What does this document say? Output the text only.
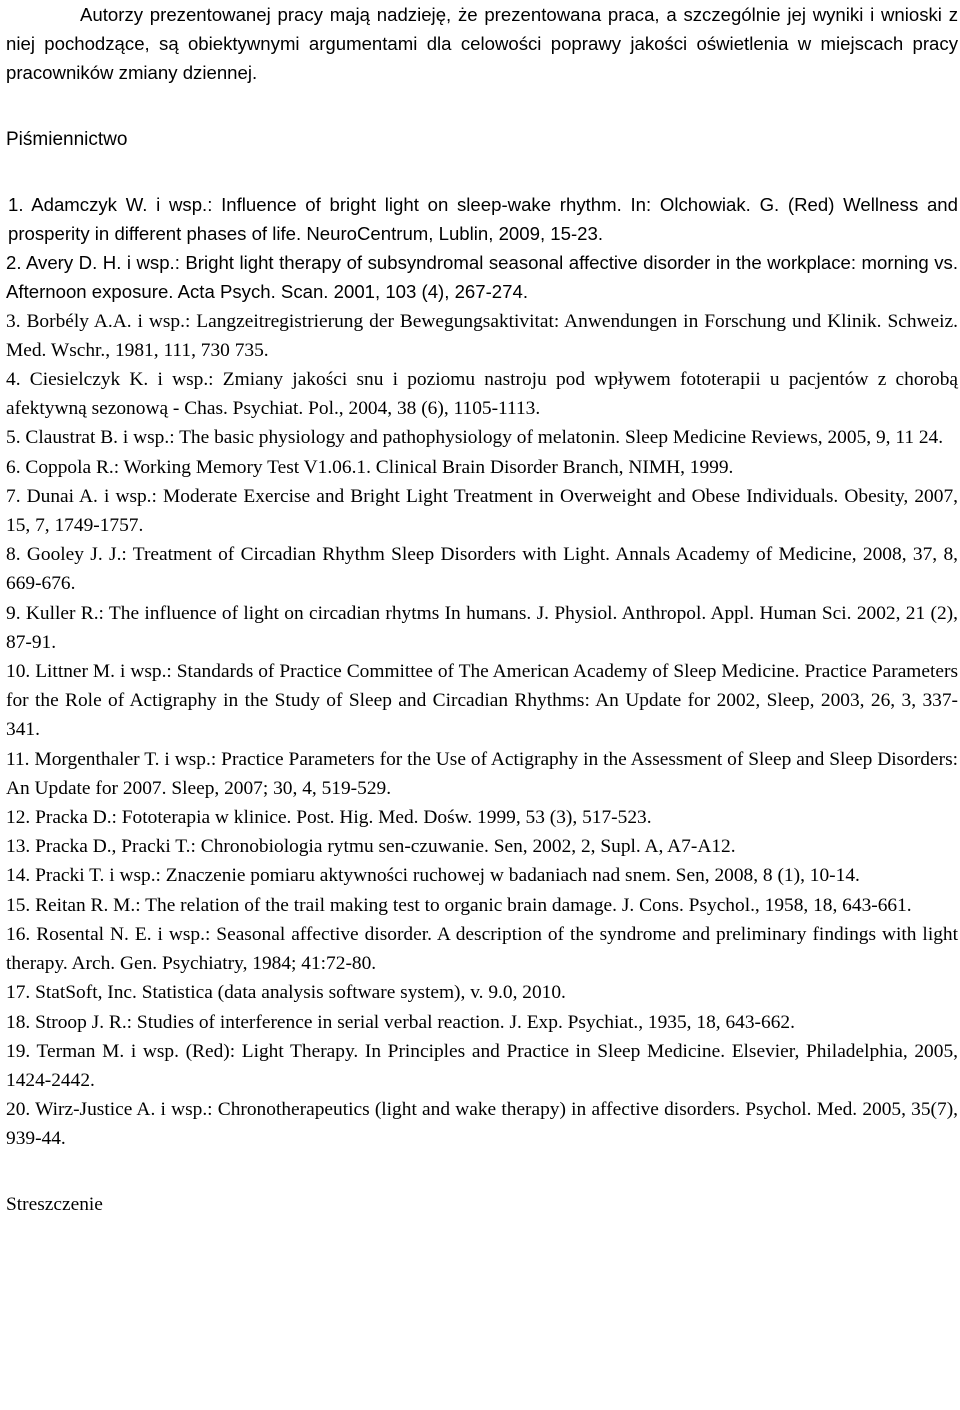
Autorzy prezentowanej pracy mają nadzieję, że prezentowana praca, a szczególnie jej wyniki i wnioski z niej pochodzące, są obiektywnymi argumentami dla celowości poprawy jakości oświetlenia w miejscach pracy pracowników zmiany dziennej.

Piśmiennictwo
1. Adamczyk W. i wsp.: Influence of bright light on sleep-wake rhythm. In: Olchowiak. G. (Red) Wellness and prosperity in different phases of life. NeuroCentrum, Lublin, 2009, 15-23.
2. Avery D. H. i wsp.: Bright light therapy of subsyndromal seasonal affective disorder in the workplace: morning vs. Afternoon exposure. Acta Psych. Scan. 2001, 103 (4), 267-274.
3. Borbély A.A. i wsp.: Langzeitregistrierung der Bewegungsaktivitat: Anwendungen in Forschung und Klinik. Schweiz. Med. Wschr., 1981, 111, 730 735.
4. Ciesielczyk K. i wsp.: Zmiany jakości snu i poziomu nastroju pod wpływem fototerapii u pacjentów z chorobą afektywną sezonową - Chas. Psychiat. Pol., 2004, 38 (6), 1105-1113.
5. Claustrat B. i wsp.: The basic physiology and pathophysiology of melatonin. Sleep Medicine Reviews, 2005, 9, 11 24.
6. Coppola R.: Working Memory Test V1.06.1. Clinical Brain Disorder Branch, NIMH, 1999.
7. Dunai A. i wsp.: Moderate Exercise and Bright Light Treatment in Overweight and Obese Individuals. Obesity, 2007, 15, 7, 1749-1757.
8. Gooley J. J.: Treatment of Circadian Rhythm Sleep Disorders with Light. Annals Academy of Medicine, 2008, 37, 8, 669-676.
9. Kuller R.: The influence of light on circadian rhytms In humans. J. Physiol. Anthropol. Appl. Human Sci. 2002, 21 (2), 87-91.
10. Littner M. i wsp.: Standards of Practice Committee of The American Academy of Sleep Medicine. Practice Parameters for the Role of Actigraphy in the Study of Sleep and Circadian Rhythms: An Update for 2002, Sleep, 2003, 26, 3, 337-341.
11. Morgenthaler T. i wsp.: Practice Parameters for the Use of Actigraphy in the Assessment of Sleep and Sleep Disorders: An Update for 2007. Sleep, 2007; 30, 4, 519-529.
12. Pracka D.: Fototerapia w klinice. Post. Hig. Med. Dośw. 1999, 53 (3), 517-523.
13. Pracka D., Pracki T.: Chronobiologia rytmu sen-czuwanie. Sen, 2002, 2, Supl. A, A7-A12.
14. Pracki T. i wsp.: Znaczenie pomiaru aktywności ruchowej w badaniach nad snem. Sen, 2008, 8 (1), 10-14.
15. Reitan R. M.: The relation of the trail making test to organic brain damage. J. Cons. Psychol., 1958, 18, 643-661.
16. Rosental N. E. i wsp.: Seasonal affective disorder. A description of the syndrome and preliminary findings with light therapy. Arch. Gen. Psychiatry, 1984; 41:72-80.
17. StatSoft, Inc. Statistica (data analysis software system), v. 9.0, 2010.
18. Stroop J. R.: Studies of interference in serial verbal reaction. J. Exp. Psychiat., 1935, 18, 643-662.
19. Terman M. i wsp. (Red): Light Therapy. In Principles and Practice in Sleep Medicine. Elsevier, Philadelphia, 2005, 1424-2442.
20. Wirz-Justice A. i wsp.: Chronotherapeutics (light and wake therapy) in affective disorders. Psychol. Med. 2005, 35(7), 939-44.
Streszczenie
